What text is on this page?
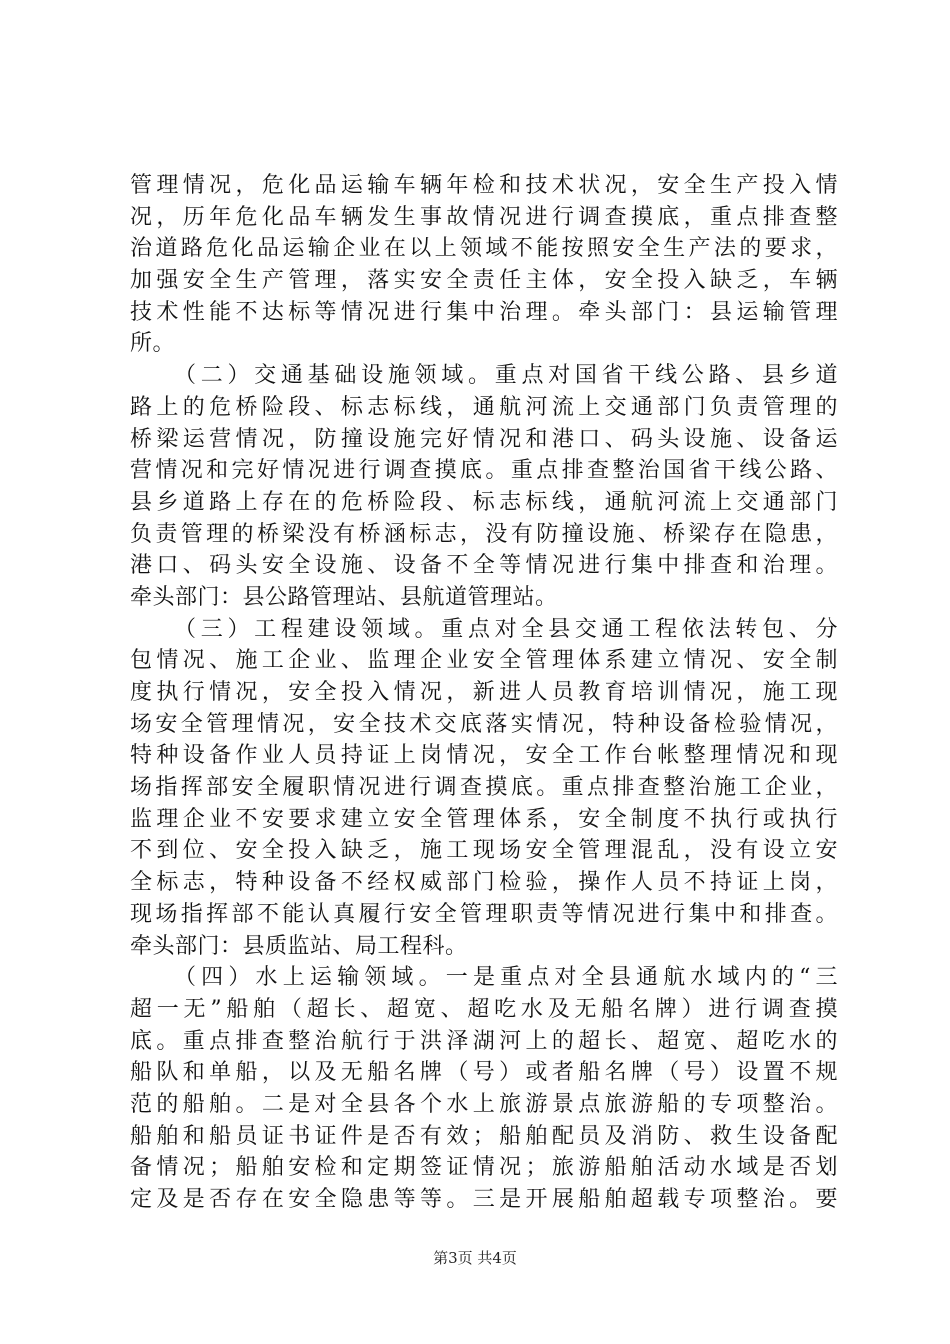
管理情况，危化品运输车辆年检和技术状况，安全生产投入情
况，历年危化品车辆发生事故情况进行调查摸底，重点排查整
治道路危化品运输企业在以上领域不能按照安全生产法的要求，
加强安全生产管理，落实安全责任主体，安全投入缺乏，车辆
技术性能不达标等情况进行集中治理。牵头部门：县运输管理
所。
（二）交通基础设施领域。重点对国省干线公路、县乡道
路上的危桥险段、标志标线，通航河流上交通部门负责管理的
桥梁运营情况，防撞设施完好情况和港口、码头设施、设备运
营情况和完好情况进行调查摸底。重点排查整治国省干线公路、
县乡道路上存在的危桥险段、标志标线，通航河流上交通部门
负责管理的桥梁没有桥涵标志，没有防撞设施、桥梁存在隐患，
港口、码头安全设施、设备不全等情况进行集中排查和治理。
牵头部门：县公路管理站、县航道管理站。
（三）工程建设领域。重点对全县交通工程依法转包、分
包情况、施工企业、监理企业安全管理体系建立情况、安全制
度执行情况，安全投入情况，新进人员教育培训情况，施工现
场安全管理情况，安全技术交底落实情况，特种设备检验情况，
特种设备作业人员持证上岗情况，安全工作台帐整理情况和现
场指挥部安全履职情况进行调查摸底。重点排查整治施工企业，
监理企业不安要求建立安全管理体系，安全制度不执行或执行
不到位、安全投入缺乏，施工现场安全管理混乱，没有设立安
全标志，特种设备不经权威部门检验，操作人员不持证上岗，
现场指挥部不能认真履行安全管理职责等情况进行集中和排查。
牵头部门：县质监站、局工程科。
（四）水上运输领域。一是重点对全县通航水域内的“三
超一无”船舶（超长、超宽、超吃水及无船名牌）进行调查摸
底。重点排查整治航行于洪泽湖河上的超长、超宽、超吃水的
船队和单船，以及无船名牌（号）或者船名牌（号）设置不规
范的船舶。二是对全县各个水上旅游景点旅游船的专项整治。
船舶和船员证书证件是否有效；船舶配员及消防、救生设备配
备情况；船舶安检和定期签证情况；旅游船舶活动水域是否划
定及是否存在安全隐患等等。三是开展船舶超载专项整治。要
第3页 共4页
